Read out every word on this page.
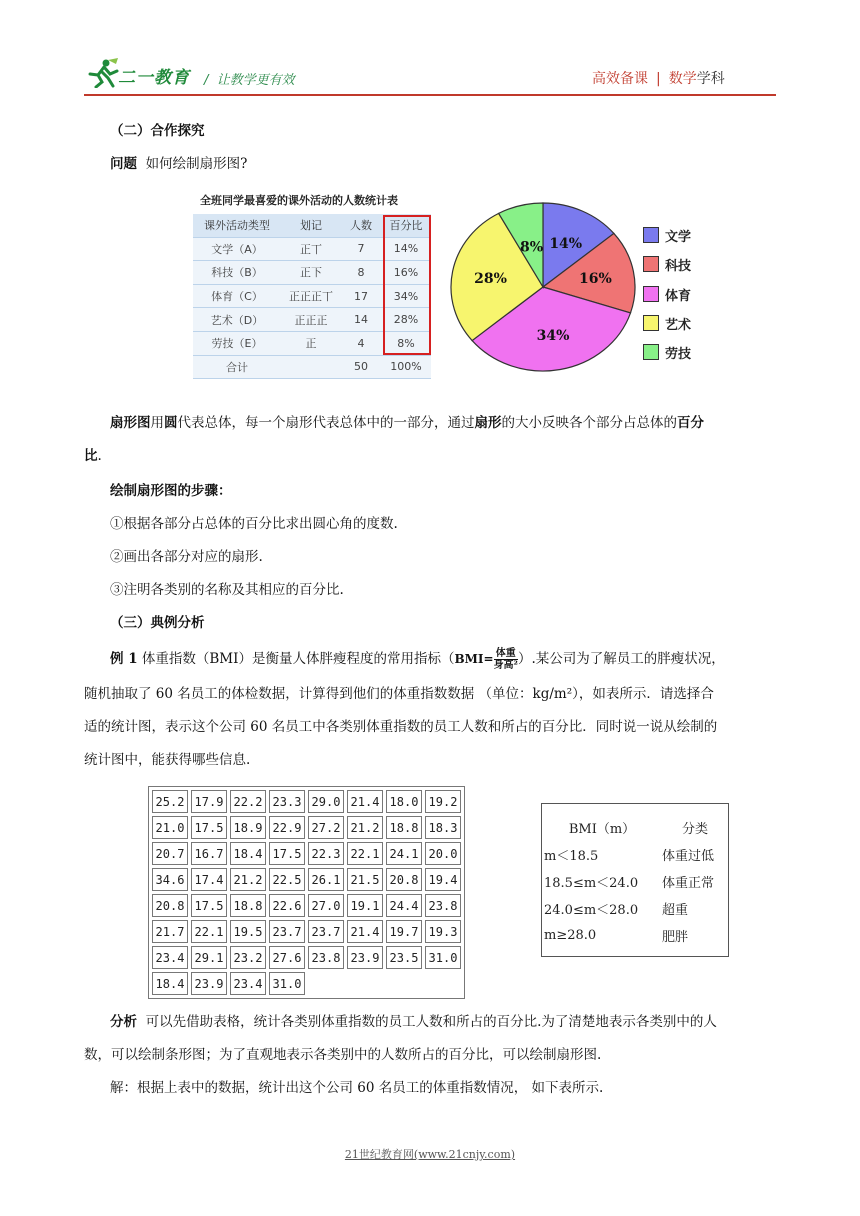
二一教育 /  让教学更有效	高效备课 | 数学学科
（二）合作探究
问题 如何绘制扇形图?
全班同学最喜爱的课外活动的人数统计表
课外活动类型	划记	人数	百分比
文学（A）	正丅	7	14%
科技（B）	正下	8	16%
体育（C）	正正正丅	17	34%
艺术（D）	正正正	14	28%
劳技（E）	正	4	8%
合计		50	100%
14%
16%
34%
28%
8%
文学
科技
体育
艺术
劳技
扇形图用圆代表总体，每一个扇形代表总体中的一部分，通过扇形的大小反映各个部分占总体的百分
比.
绘制扇形图的步骤：
①根据各部分占总体的百分比求出圆心角的度数.
②画出各部分对应的扇形.
③注明各类别的名称及其相应的百分比.
（三）典例分析
例 1 体重指数（BMI）是衡量人体胖瘦程度的常用指标（BMI= 体重
身高² ）.某公司为了解员工的胖瘦状况，
随机抽取了 60 名员工的体检数据，计算得到他们的体重指数数据 （单位：kg/m²），如表所示．请选择合
适的统计图，表示这个公司 60 名员工中各类别体重指数的员工人数和所占的百分比．同时说一说从绘制的
统计图中，能获得哪些信息.
25.2	17.9	22.2	23.3	29.0	21.4	18.0	19.2
21.0	17.5	18.9	22.9	27.2	21.2	18.8	18.3
20.7	16.7	18.4	17.5	22.3	22.1	24.1	20.0
34.6	17.4	21.2	22.5	26.1	21.5	20.8	19.4
20.8	17.5	18.8	22.6	27.0	19.1	24.4	23.8
21.7	22.1	19.5	23.7	23.7	21.4	19.7	19.3
23.4	29.1	23.2	27.6	23.8	23.9	23.5	31.0
18.4	23.9	23.4	31.0				
BMI（m）	分类
m＜18.5	体重过低
18.5≤m＜24.0	体重正常
24.0≤m＜28.0	超重
m≥28.0	肥胖
分析 可以先借助表格，统计各类别体重指数的员工人数和所占的百分比.为了清楚地表示各类别中的人
数，可以绘制条形图；为了直观地表示各类别中的人数所占的百分比，可以绘制扇形图.
解：根据上表中的数据，统计出这个公司 60 名员工的体重指数情况， 如下表所示.
21世纪教育网(www.21cnjy.com)
